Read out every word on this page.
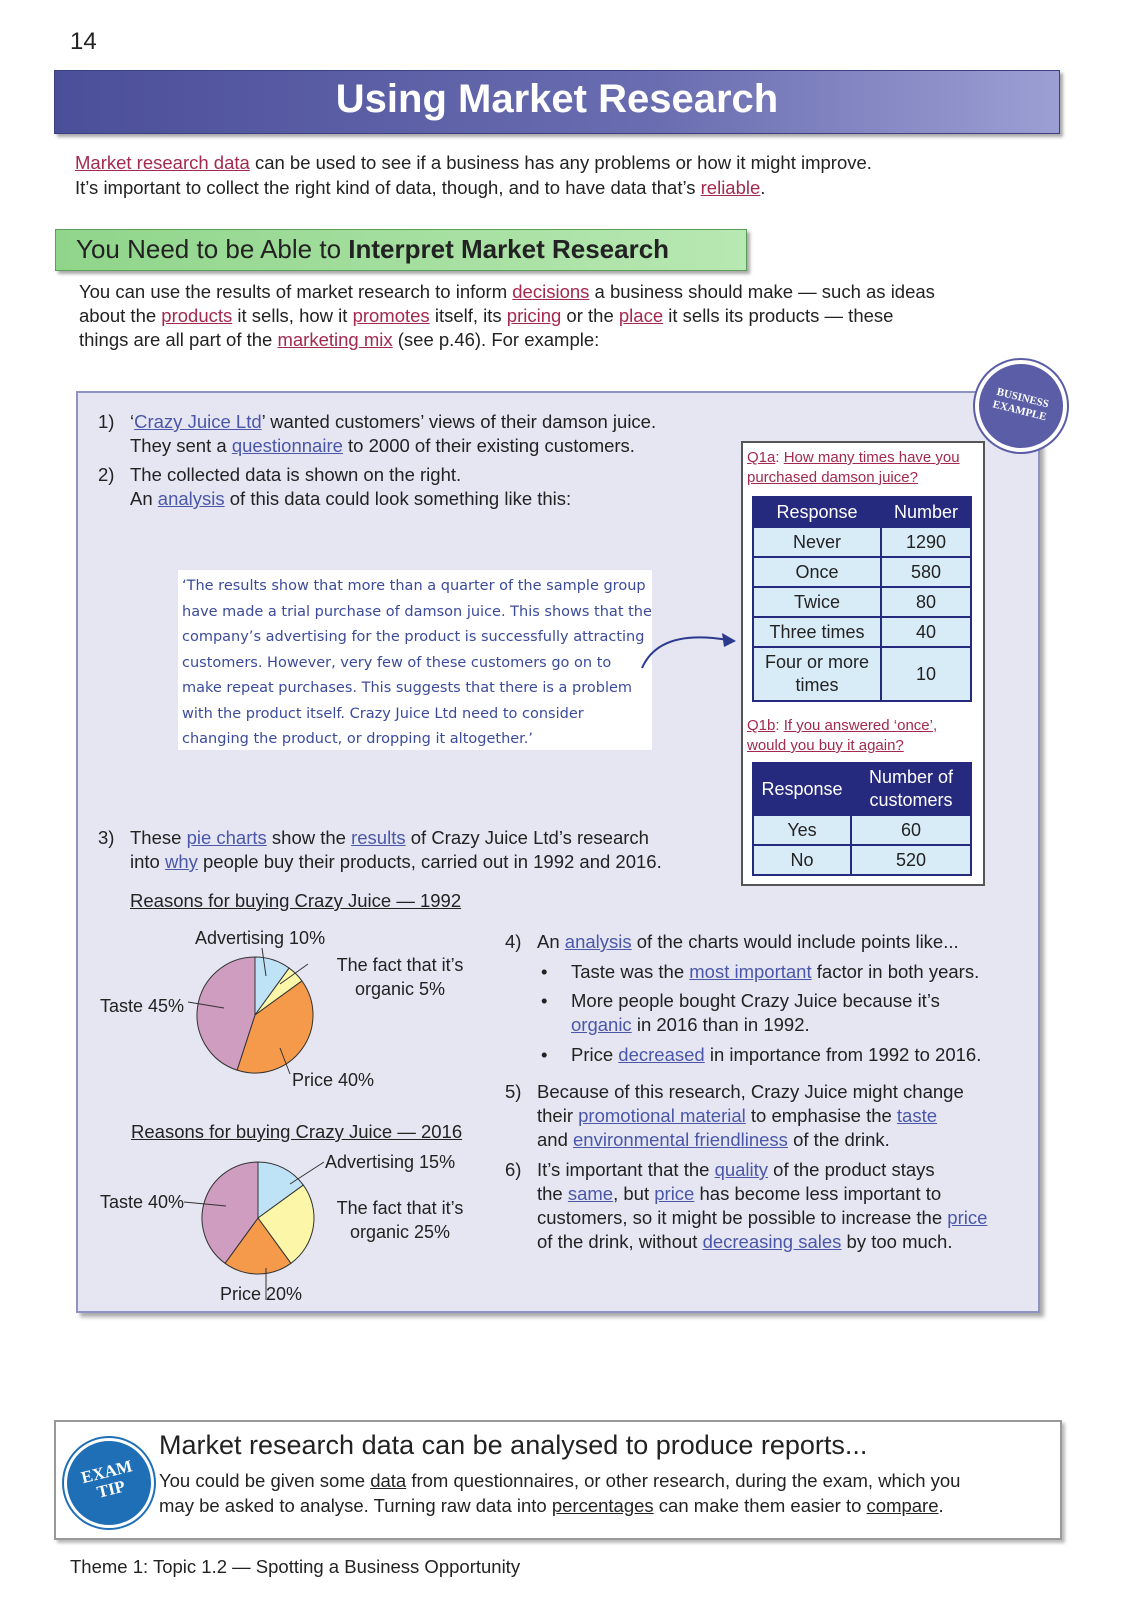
14
Using Market Research
Market research data can be used to see if a business has any problems or how it might improve.
It’s important to collect the right kind of data, though, and to have data that’s reliable.
You Need to be Able to Interpret Market Research
You can use the results of market research to inform decisions a business should make — such as ideas
about the products it sells, how it promotes itself, its pricing or the place it sells its products — these
things are all part of the marketing mix (see p.46). For example:
BUSINESS EXAMPLE
1) ‘Crazy Juice Ltd’ wanted customers’ views of their damson juice.
They sent a questionnaire to 2000 of their existing customers.
2) The collected data is shown on the right.
An analysis of this data could look something like this:
‘The results show that more than a quarter of the sample group have made a trial purchase of damson juice. This shows that the company’s advertising for the product is successfully attracting customers. However, very few of these customers go on to make repeat purchases. This suggests that there is a problem with the product itself. Crazy Juice Ltd need to consider changing the product, or dropping it altogether.’
Q1a: How many times have you purchased damson juice?
Response	Number
Never	1290
Once	580
Twice	80
Three times	40
Four or more times	10
Q1b: If you answered ‘once’, would you buy it again?
Response	Number of customers
Yes	60
No	520
3) These pie charts show the results of Crazy Juice Ltd’s research
into why people buy their products, carried out in 1992 and 2016.
Reasons for buying Crazy Juice — 1992
Advertising 10%
The fact that it’s organic 5%
Taste 45%
Price 40%
Reasons for buying Crazy Juice — 2016
Advertising 15%
The fact that it’s organic 25%
Taste 40%
Price 20%
4) An analysis of the charts would include points like...
• Taste was the most important factor in both years.
• More people bought Crazy Juice because it’s
organic in 2016 than in 1992.
• Price decreased in importance from 1992 to 2016.
5) Because of this research, Crazy Juice might change
their promotional material to emphasise the taste
and environmental friendliness of the drink.
6) It’s important that the quality of the product stays
the same, but price has become less important to
customers, so it might be possible to increase the price
of the drink, without decreasing sales by too much.
EXAM TIP
Market research data can be analysed to produce reports...
You could be given some data from questionnaires, or other research, during the exam, which you
may be asked to analyse. Turning raw data into percentages can make them easier to compare.
Theme 1: Topic 1.2 — Spotting a Business Opportunity
